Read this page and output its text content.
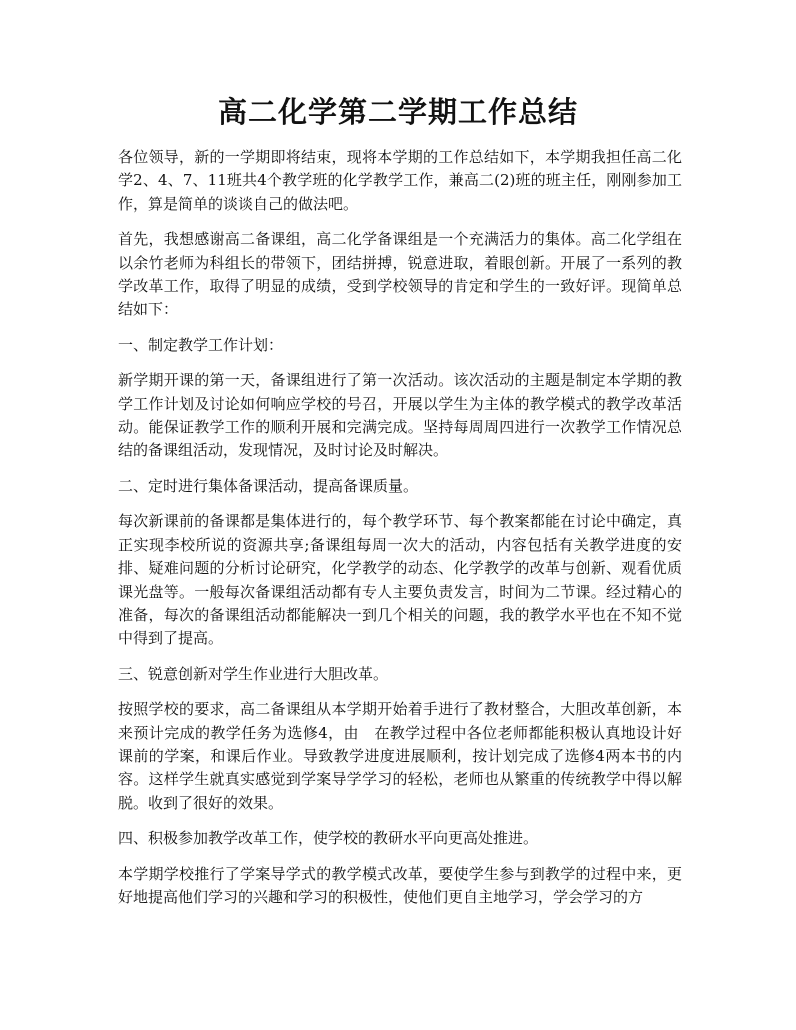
高二化学第二学期工作总结

各位领导，新的一学期即将结束，现将本学期的工作总结如下，本学期我担任高二化学2、4、7、11班共4个教学班的化学教学工作，兼高二(2)班的班主任，刚刚参加工作，算是简单的谈谈自己的做法吧。

首先，我想感谢高二备课组，高二化学备课组是一个充满活力的集体。高二化学组在以余竹老师为科组长的带领下，团结拼搏，锐意进取，着眼创新。开展了一系列的教学改革工作，取得了明显的成绩，受到学校领导的肯定和学生的一致好评。现简单总结如下：

一、制定教学工作计划：

新学期开课的第一天，备课组进行了第一次活动。该次活动的主题是制定本学期的教学工作计划及讨论如何响应学校的号召，开展以学生为主体的教学模式的教学改革活动。能保证教学工作的顺利开展和完满完成。坚持每周周四进行一次教学工作情况总结的备课组活动，发现情况，及时讨论及时解决。

二、定时进行集体备课活动，提高备课质量。

每次新课前的备课都是集体进行的，每个教学环节、每个教案都能在讨论中确定，真正实现李校所说的资源共享;备课组每周一次大的活动，内容包括有关教学进度的安排、疑难问题的分析讨论研究，化学教学的动态、化学教学的改革与创新、观看优质课光盘等。一般每次备课组活动都有专人主要负责发言，时间为二节课。经过精心的准备，每次的备课组活动都能解决一到几个相关的问题，我的教学水平也在不知不觉中得到了提高。

三、锐意创新对学生作业进行大胆改革。

按照学校的要求，高二备课组从本学期开始着手进行了教材整合，大胆改革创新，本来预计完成的教学任务为选修4，由　在教学过程中各位老师都能积极认真地设计好课前的学案，和课后作业。导致教学进度进展顺利，按计划完成了选修4两本书的内容。这样学生就真实感觉到学案导学学习的轻松，老师也从繁重的传统教学中得以解脱。收到了很好的效果。

四、积极参加教学改革工作，使学校的教研水平向更高处推进。

本学期学校推行了学案导学式的教学模式改革，要使学生参与到教学的过程中来，更好地提高他们学习的兴趣和学习的积极性，使他们更自主地学习，学会学习的方
